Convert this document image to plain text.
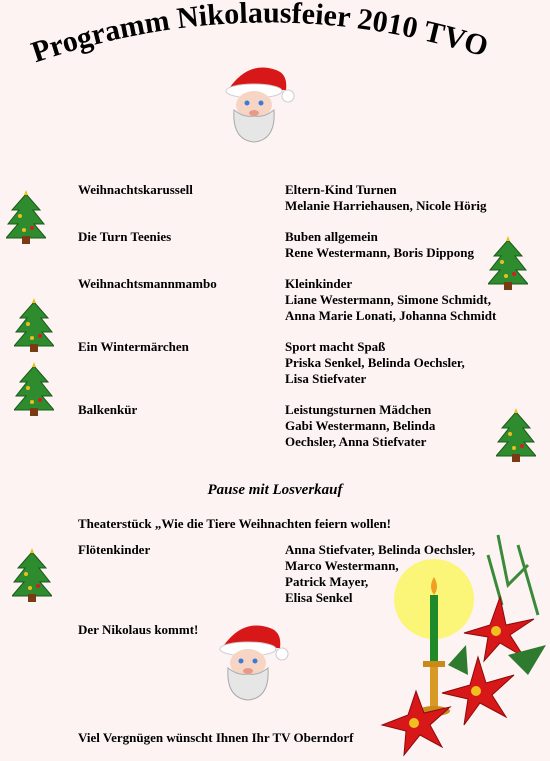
Programm Nikolausfeier 2010 TVO
Weihnachtskarussell	Eltern-Kind Turnen
Melanie Harriehausen, Nicole Hörig
Die Turn Teenies	Buben allgemein
Rene Westermann, Boris Dippong
Weihnachtsmannmambo	Kleinkinder
Liane Westermann, Simone Schmidt,
Anna Marie Lonati, Johanna Schmidt
Ein Wintermärchen	Sport macht Spaß
Priska Senkel, Belinda Oechsler,
Lisa Stiefvater
Balkenkür	Leistungsturnen Mädchen
Gabi Westermann, Belinda
Oechsler, Anna Stiefvater
Pause mit Losverkauf
Theaterstück „Wie die Tiere Weihnachten feiern wollen!
Flötenkinder	Anna Stiefvater, Belinda Oechsler,
Marco Westermann,
Patrick Mayer,
Elisa Senkel
Der Nikolaus kommt!
Viel Vergnügen wünscht Ihnen Ihr TV Oberndorf
